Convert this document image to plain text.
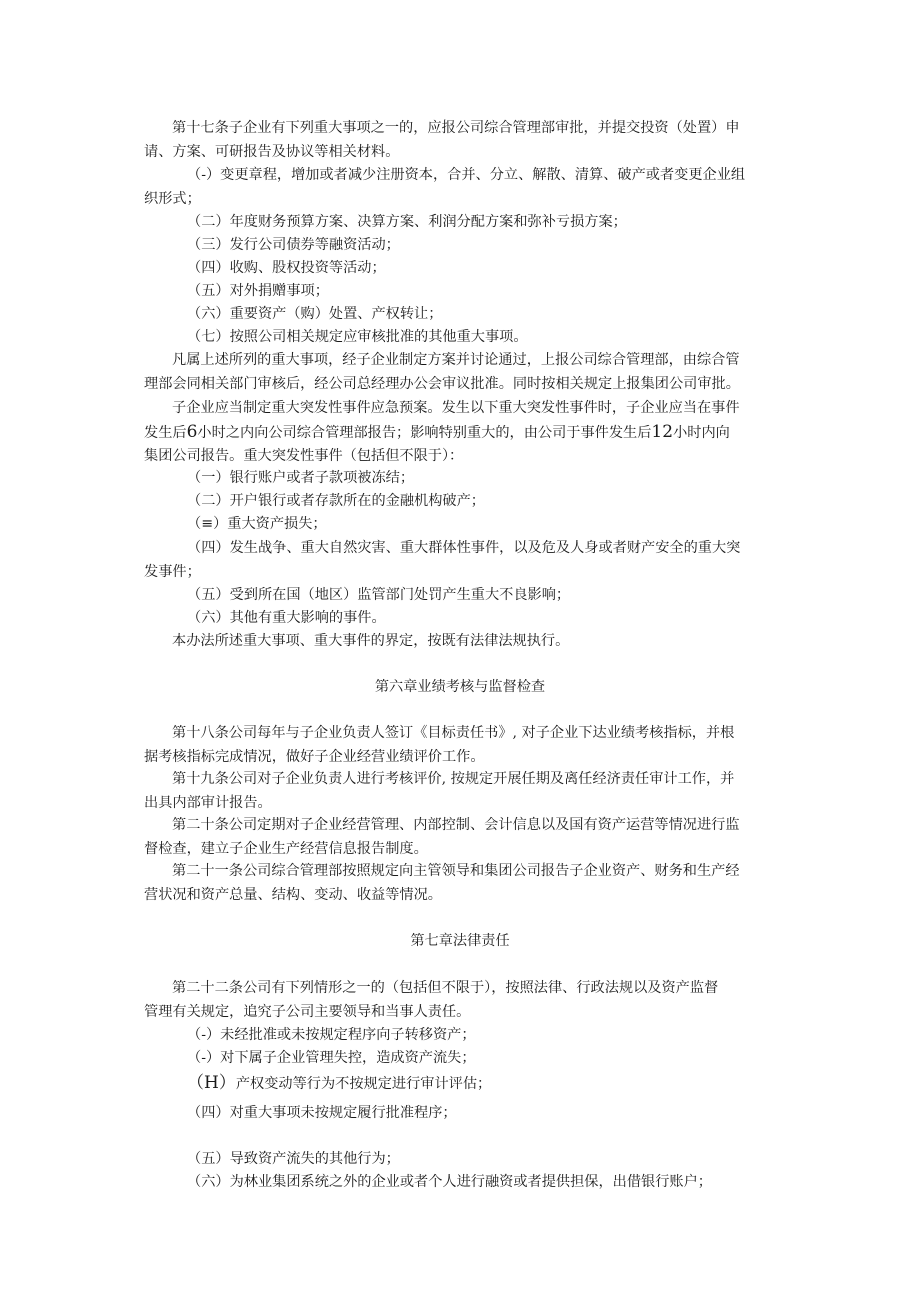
第十七条子企业有下列重大事项之一的，应报公司综合管理部审批，并提交投资（处置）申
请、方案、可研报告及协议等相关材料。
（-）变更章程，增加或者减少注册资本，合并、分立、解散、清算、破产或者变更企业组
织形式；
（二）年度财务预算方案、决算方案、利润分配方案和弥补亏损方案；
（三）发行公司债券等融资活动；
（四）收购、股权投资等活动；
（五）对外捐赠事项；
（六）重要资产（购）处置、产权转让；
（七）按照公司相关规定应审核批准的其他重大事项。
凡属上述所列的重大事项，经子企业制定方案并讨论通过，上报公司综合管理部，由综合管
理部会同相关部门审核后，经公司总经理办公会审议批准。同时按相关规定上报集团公司审批。
子企业应当制定重大突发性事件应急预案。发生以下重大突发性事件时，子企业应当在事件
发生后6小时之内向公司综合管理部报告；影响特别重大的，由公司于事件发生后12小时内向
集团公司报告。重大突发性事件（包括但不限于）：
（一）银行账户或者子款项被冻结；
（二）开户银行或者存款所在的金融机构破产；
（≡）重大资产损失；
（四）发生战争、重大自然灾害、重大群体性事件，以及危及人身或者财产安全的重大突
发事件；
（五）受到所在国（地区）监管部门处罚产生重大不良影响；
（六）其他有重大影响的事件。
本办法所述重大事项、重大事件的界定，按既有法律法规执行。
第六章业绩考核与监督检查
第十八条公司每年与子企业负责人签订《目标责任书》, 对子企业下达业绩考核指标，并根
据考核指标完成情况，做好子企业经营业绩评价工作。
第十九条公司对子企业负责人进行考核评价, 按规定开展任期及离任经济责任审计工作，并
出具内部审计报告。
第二十条公司定期对子企业经营管理、内部控制、会计信息以及国有资产运营等情况进行监
督检查，建立子企业生产经营信息报告制度。
第二十一条公司综合管理部按照规定向主管领导和集团公司报告子企业资产、财务和生产经
营状况和资产总量、结构、变动、收益等情况。
第七章法律责任
第二十二条公司有下列情形之一的（包括但不限于），按照法律、行政法规以及资产监督
管理有关规定，追究子公司主要领导和当事人责任。
（-）未经批准或未按规定程序向子转移资产；
（-）对下属子企业管理失控，造成资产流失；
（H）产权变动等行为不按规定进行审计评估；
（四）对重大事项未按规定履行批准程序；
（五）导致资产流失的其他行为；
（六）为林业集团系统之外的企业或者个人进行融资或者提供担保，出借银行账户；
